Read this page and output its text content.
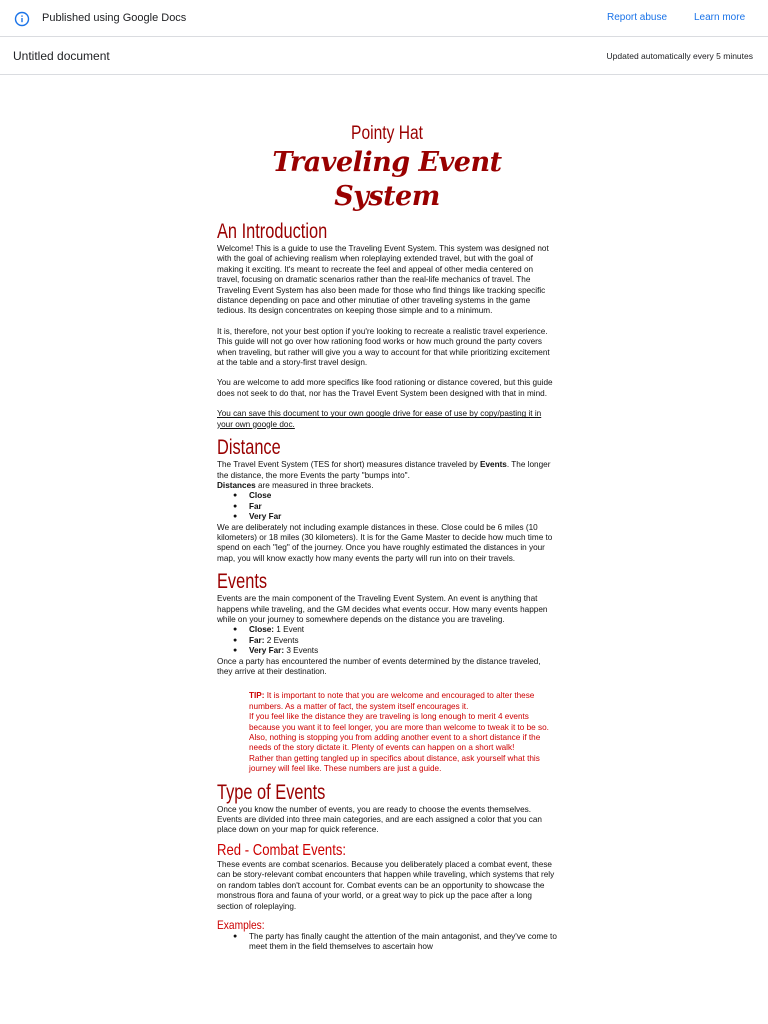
Published using Google Docs	Report abuse	Learn more
Untitled document	Updated automatically every 5 minutes
Pointy Hat
Traveling Event System
An Introduction

Welcome! This is a guide to use the Traveling Event System. This system was designed not with the goal of achieving realism when roleplaying extended travel, but with the goal of making it exciting. It's meant to recreate the feel and appeal of other media centered on travel, focusing on dramatic scenarios rather than the real-life mechanics of travel. The Traveling Event System has also been made for those who find things like tracking specific distance depending on pace and other minutiae of other traveling systems in the game tedious. Its design concentrates on keeping those simple and to a minimum.

It is, therefore, not your best option if you're looking to recreate a realistic travel experience. This guide will not go over how rationing food works or how much ground the party covers when traveling, but rather will give you a way to account for that while prioritizing excitement at the table and a story-first travel design.

You are welcome to add more specifics like food rationing or distance covered, but this guide does not seek to do that, nor has the Travel Event System been designed with that in mind.

You can save this document to your own google drive for ease of use by copy/pasting it in your own google doc.

Distance

The Travel Event System (TES for short) measures distance traveled by Events. The longer the distance, the more Events the party "bumps into".
Distances are measured in three brackets.

● Close
● Far
● Very Far

We are deliberately not including example distances in these. Close could be 6 miles (10 kilometers) or 18 miles (30 kilometers). It is for the Game Master to decide how much time to spend on each "leg" of the journey. Once you have roughly estimated the distances in your map, you will know exactly how many events the party will run into on their travels.

Events

Events are the main component of the Traveling Event System. An event is anything that happens while traveling, and the GM decides what events occur. How many events happen while on your journey to somewhere depends on the distance you are traveling.

● Close: 1 Event
● Far: 2 Events
● Very Far: 3 Events

Once a party has encountered the number of events determined by the distance traveled, they arrive at their destination.

TIP: It is important to note that you are welcome and encouraged to alter these numbers. As a matter of fact, the system itself encourages it.

If you feel like the distance they are traveling is long enough to merit 4 events because you want it to feel longer, you are more than welcome to tweak it to be so. Also, nothing is stopping you from adding another event to a short distance if the needs of the story dictate it. Plenty of events can happen on a short walk!

Rather than getting tangled up in specifics about distance, ask yourself what this journey will feel like. These numbers are just a guide.

Type of Events

Once you know the number of events, you are ready to choose the events themselves. Events are divided into three main categories, and are each assigned a color that you can place down on your map for quick reference.

Red - Combat Events:

These events are combat scenarios. Because you deliberately placed a combat event, these can be story-relevant combat encounters that happen while traveling, which systems that rely on random tables don't account for. Combat events can be an opportunity to showcase the monstrous flora and fauna of your world, or a great way to pick up the pace after a long section of roleplaying.

Examples:
● The party has finally caught the attention of the main antagonist, and they've come to meet them in the field themselves to ascertain how
